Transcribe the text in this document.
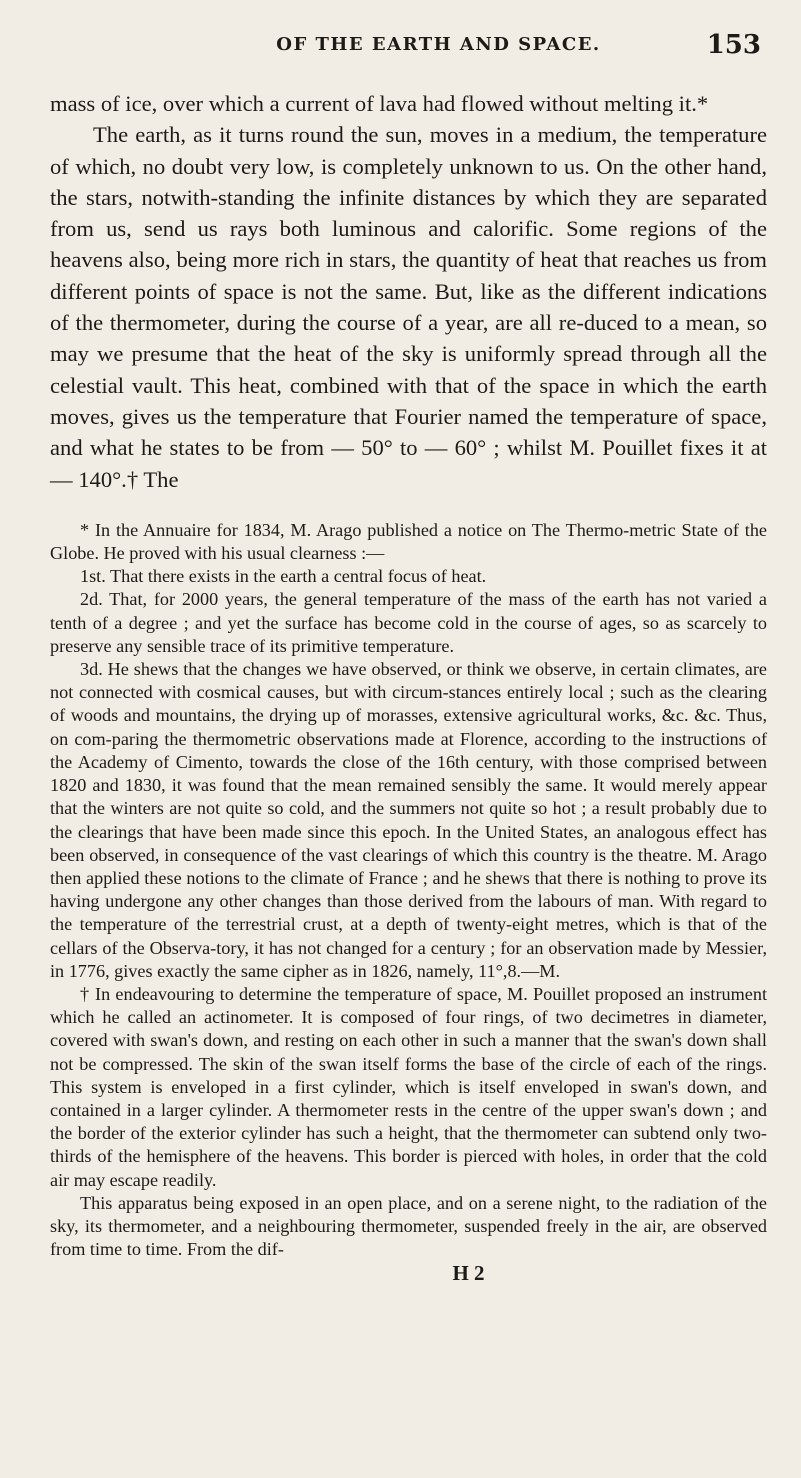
OF THE EARTH AND SPACE.	153

mass of ice, over which a current of lava had flowed without melting it.*

The earth, as it turns round the sun, moves in a medium, the temperature of which, no doubt very low, is completely unknown to us. On the other hand, the stars, notwith-standing the infinite distances by which they are separated from us, send us rays both luminous and calorific. Some regions of the heavens also, being more rich in stars, the quantity of heat that reaches us from different points of space is not the same. But, like as the different indications of the thermometer, during the course of a year, are all re-duced to a mean, so may we presume that the heat of the sky is uniformly spread through all the celestial vault. This heat, combined with that of the space in which the earth moves, gives us the temperature that Fourier named the temperature of space, and what he states to be from — 50° to — 60° ; whilst M. Pouillet fixes it at — 140°.† The

* In the Annuaire for 1834, M. Arago published a notice on The Thermo-metric State of the Globe. He proved with his usual clearness :—

1st. That there exists in the earth a central focus of heat.

2d. That, for 2000 years, the general temperature of the mass of the earth has not varied a tenth of a degree ; and yet the surface has become cold in the course of ages, so as scarcely to preserve any sensible trace of its primitive temperature.

3d. He shews that the changes we have observed, or think we observe, in certain climates, are not connected with cosmical causes, but with circum-stances entirely local ; such as the clearing of woods and mountains, the drying up of morasses, extensive agricultural works, &c. &c. Thus, on com-paring the thermometric observations made at Florence, according to the instructions of the Academy of Cimento, towards the close of the 16th century, with those comprised between 1820 and 1830, it was found that the mean remained sensibly the same. It would merely appear that the winters are not quite so cold, and the summers not quite so hot ; a result probably due to the clearings that have been made since this epoch. In the United States, an analogous effect has been observed, in consequence of the vast clearings of which this country is the theatre. M. Arago then applied these notions to the climate of France ; and he shews that there is nothing to prove its having undergone any other changes than those derived from the labours of man. With regard to the temperature of the terrestrial crust, at a depth of twenty-eight metres, which is that of the cellars of the Observa-tory, it has not changed for a century ; for an observation made by Messier, in 1776, gives exactly the same cipher as in 1826, namely, 11°,8.—M.

† In endeavouring to determine the temperature of space, M. Pouillet proposed an instrument which he called an actinometer. It is composed of four rings, of two decimetres in diameter, covered with swan's down, and resting on each other in such a manner that the swan's down shall not be compressed. The skin of the swan itself forms the base of the circle of each of the rings. This system is enveloped in a first cylinder, which is itself enveloped in swan's down, and contained in a larger cylinder. A thermometer rests in the centre of the upper swan's down ; and the border of the exterior cylinder has such a height, that the thermometer can subtend only two-thirds of the hemisphere of the heavens. This border is pierced with holes, in order that the cold air may escape readily.

This apparatus being exposed in an open place, and on a serene night, to the radiation of the sky, its thermometer, and a neighbouring thermometer, suspended freely in the air, are observed from time to time. From the dif-

H 2
